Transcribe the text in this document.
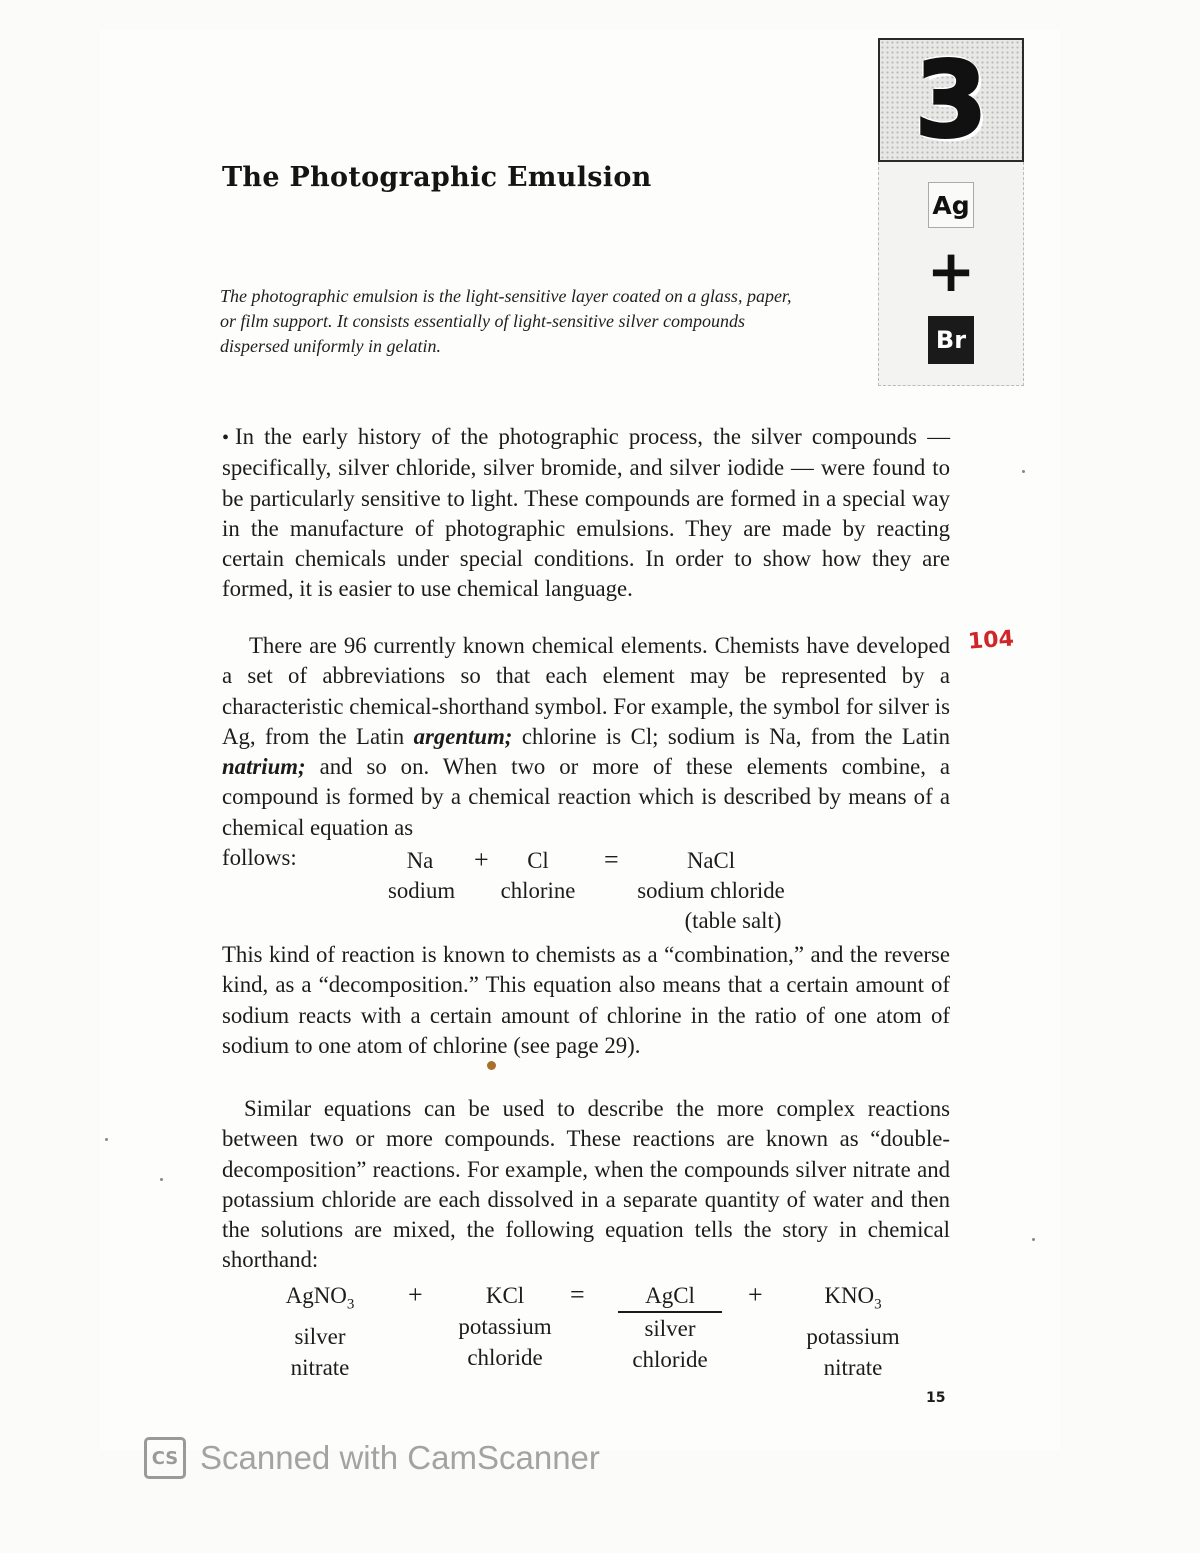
3
Ag
+
Br
The Photographic Emulsion

The photographic emulsion is the light-sensitive layer coated on a glass, paper, or film support. It consists essentially of light-sensitive silver compounds dispersed uniformly in gelatin.

• In the early history of the photographic process, the silver compounds — specifically, silver chloride, silver bromide, and silver iodide — were found to be particularly sensitive to light. These compounds are formed in a special way in the manufacture of photographic emulsions. They are made by reacting certain chemicals under special conditions. In order to show how they are formed, it is easier to use chemical language.

There are 96 currently known chemical elements. Chemists have developed a set of abbreviations so that each element may be represented by a characteristic chemical-shorthand symbol. For example, the symbol for silver is Ag, from the Latin argentum; chlorine is Cl; sodium is Na, from the Latin natrium; and so on. When two or more of these elements combine, a compound is formed by a chemical reaction which is described by means of a chemical equation as

follows:	Na
sodium
+	Cl
chlorine
=	NaCl
sodium chloride
(table salt)

This kind of reaction is known to chemists as a “combination,” and the reverse kind, as a “decomposition.” This equation also means that a certain amount of sodium reacts with a certain amount of chlorine in the ratio of one atom of sodium to one atom of chlorine (see page 29).

Similar equations can be used to describe the more complex reactions between two or more compounds. These reactions are known as “double-decomposition” reactions. For example, when the compounds silver nitrate and potassium chloride are each dissolved in a separate quantity of water and then the solutions are mixed, the following equation tells the story in chemical shorthand:

AgNO$_3$
silver
nitrate
+	KCl
potassium
chloride
=	AgCl
silver
chloride
+	$KNO_3$
potassium
nitrate
15
104
CS Scanned with CamScanner
